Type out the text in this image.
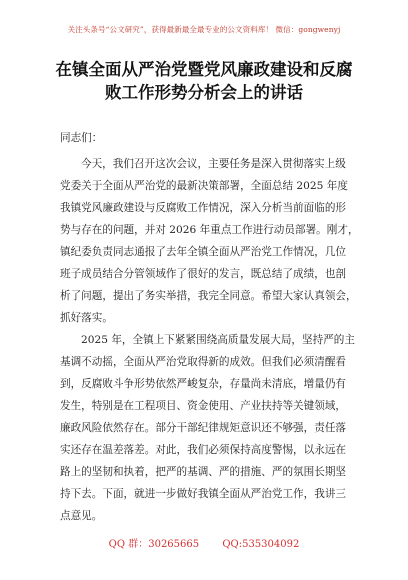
关注头条号“公文研究”，获得最新最全最专业的公文资料库！ 微信：gongwenyj
在镇全面从严治党暨党风廉政建设和反腐
败工作形势分析会上的讲话
同志们：

今天，我们召开这次会议，主要任务是深入贯彻落实上级
党委关于全面从严治党的最新决策部署，全面总结 2025 年度
我镇党风廉政建设与反腐败工作情况，深入分析当前面临的形
势与存在的问题，并对 2026 年重点工作进行动员部署。刚才，
镇纪委负责同志通报了去年全镇全面从严治党工作情况，几位
班子成员结合分管领域作了很好的发言，既总结了成绩，也剖
析了问题，提出了务实举措，我完全同意。希望大家认真领会，
抓好落实。

2025 年，全镇上下紧紧围绕高质量发展大局，坚持严的主
基调不动摇，全面从严治党取得新的成效。但我们必须清醒看
到，反腐败斗争形势依然严峻复杂，存量尚未清底，增量仍有
发生，特别是在工程项目、资金使用、产业扶持等关键领域，
廉政风险依然存在。部分干部纪律规矩意识还不够强，责任落
实还存在温差落差。对此，我们必须保持高度警惕，以永远在
路上的坚韧和执着，把严的基调、严的措施、严的氛围长期坚
持下去。下面，就进一步做好我镇全面从严治党工作，我讲三
点意见。

QQ 群：30265665 QQ:535304092
